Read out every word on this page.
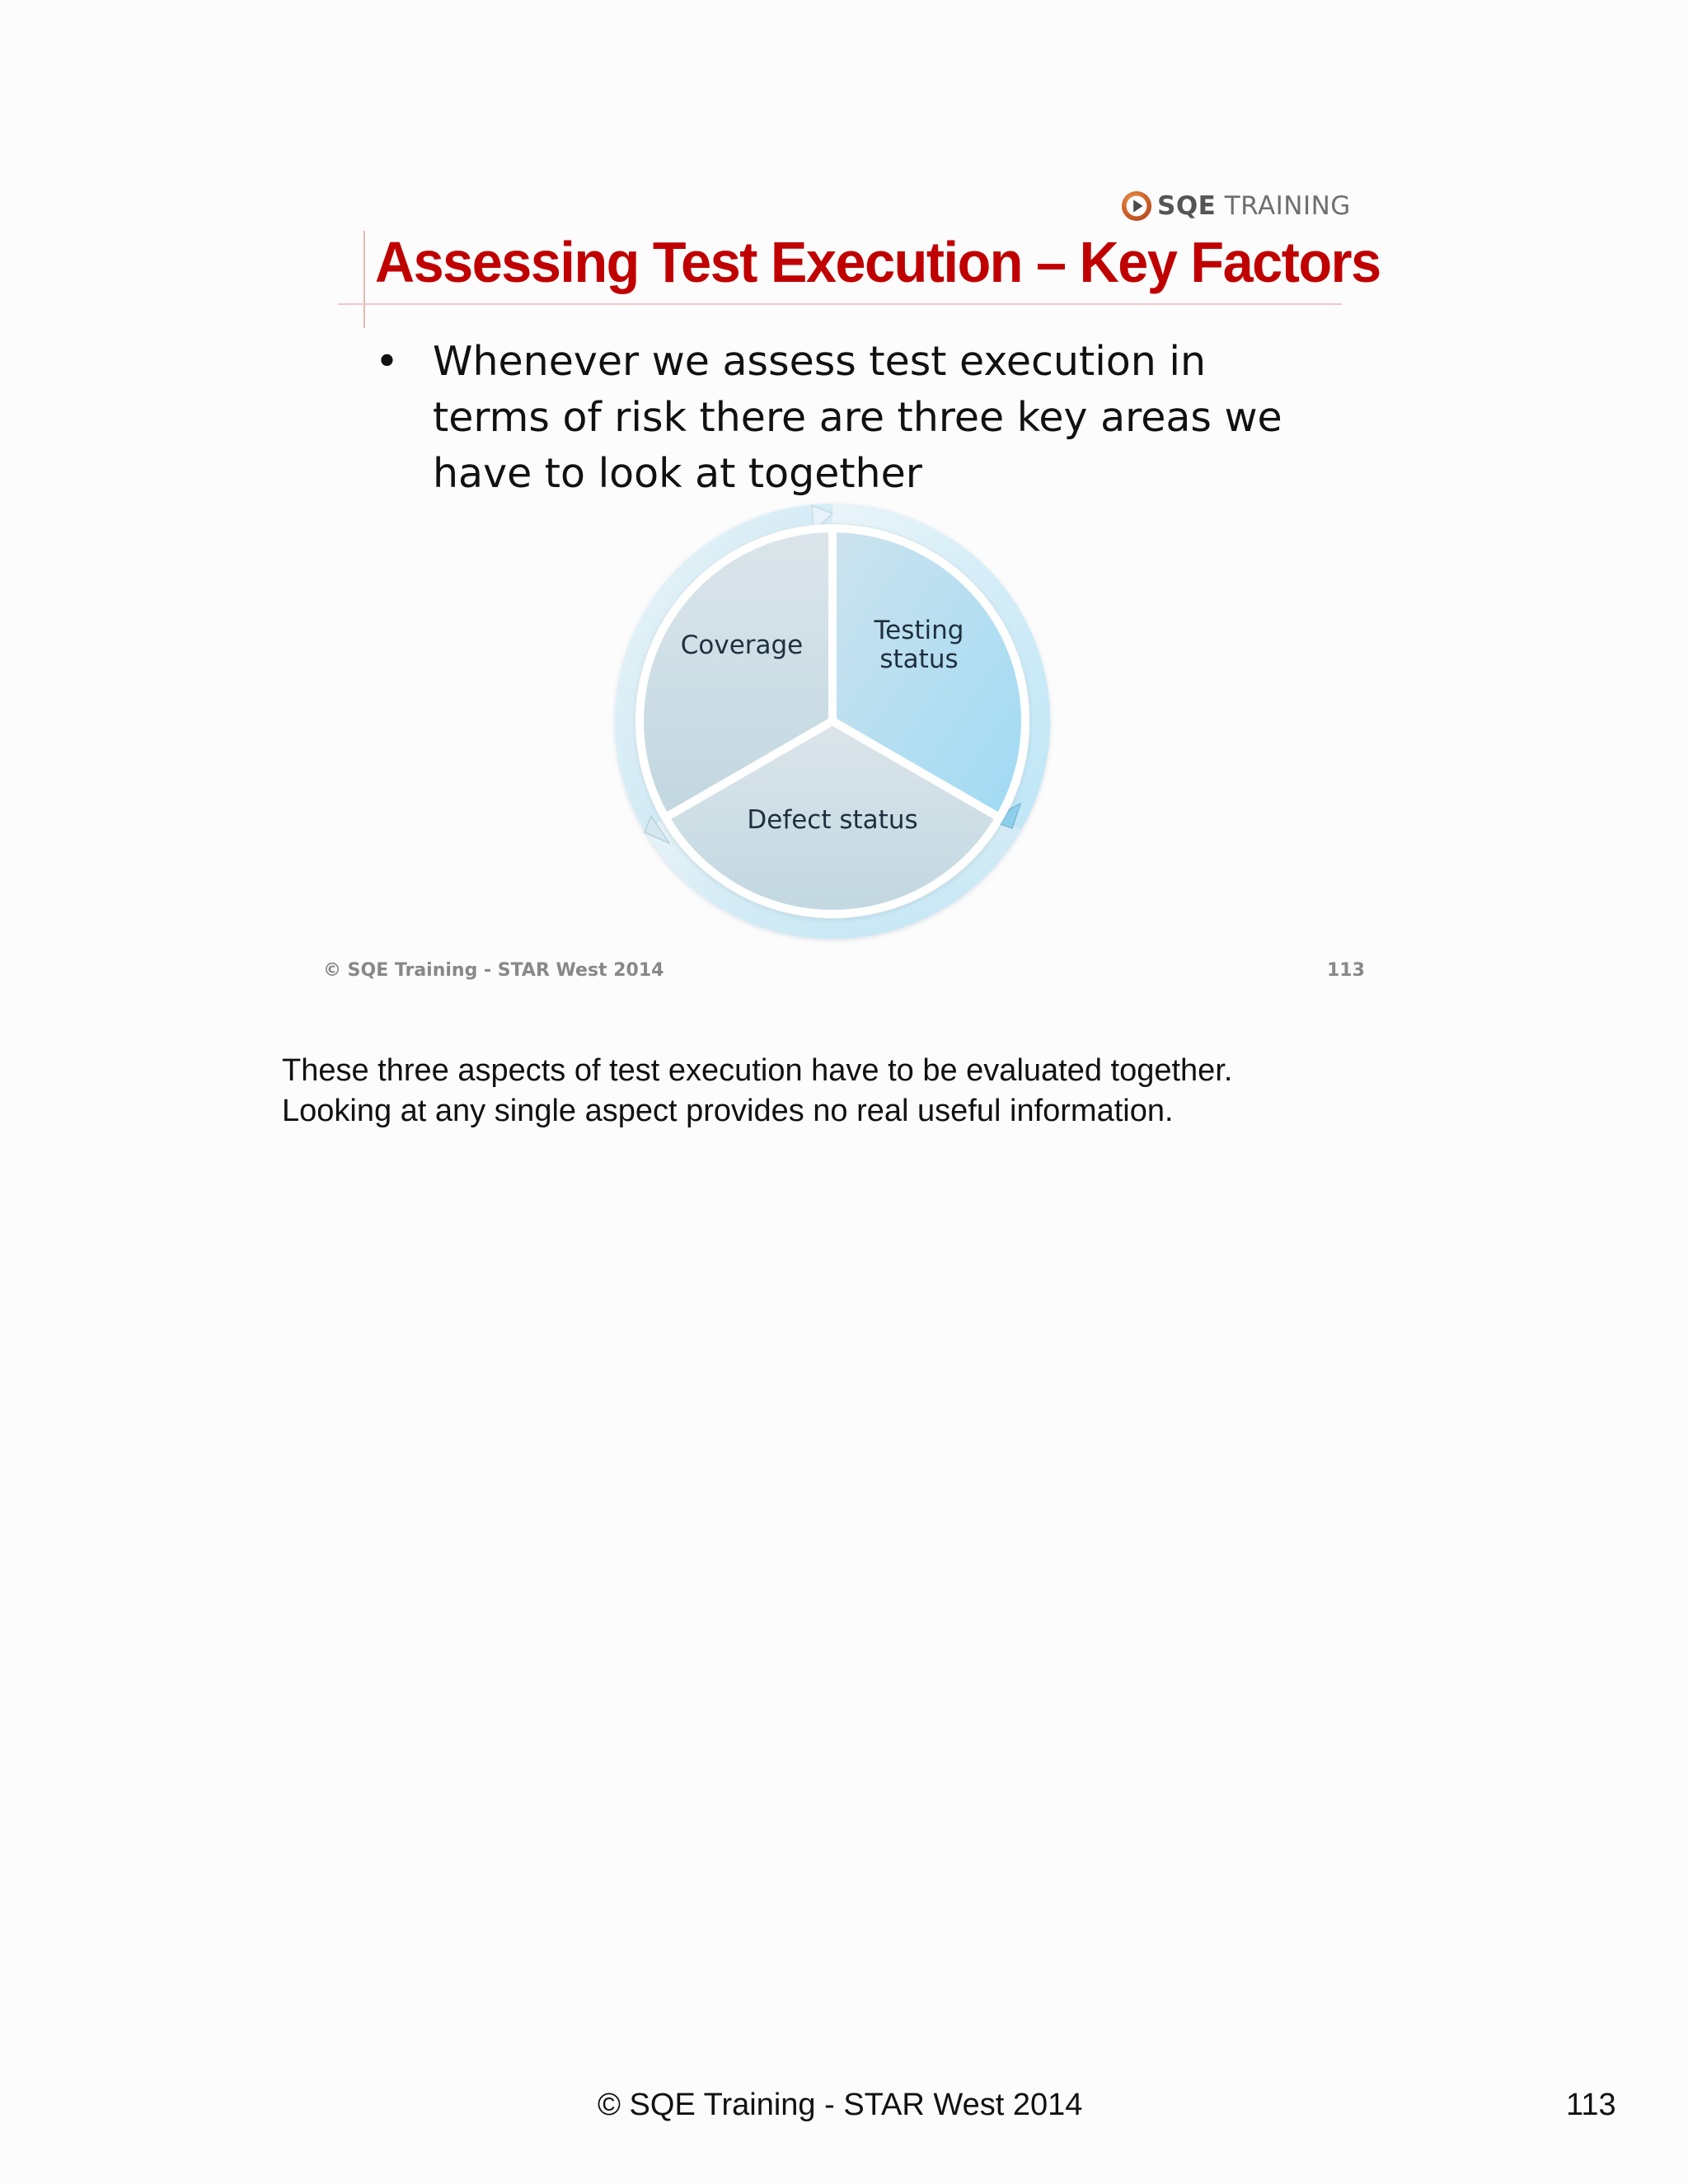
SQE TRAINING
Assessing Test Execution – Key Factors
• Whenever we assess test execution in terms of risk there are three key areas we have to look at together

Coverage	Testing
status
Defect status
© SQE Training - STAR West 2014	113

These three aspects of test execution have to be evaluated together.

Looking at any single aspect provides no real useful information.

© SQE Training - STAR West 2014	113
